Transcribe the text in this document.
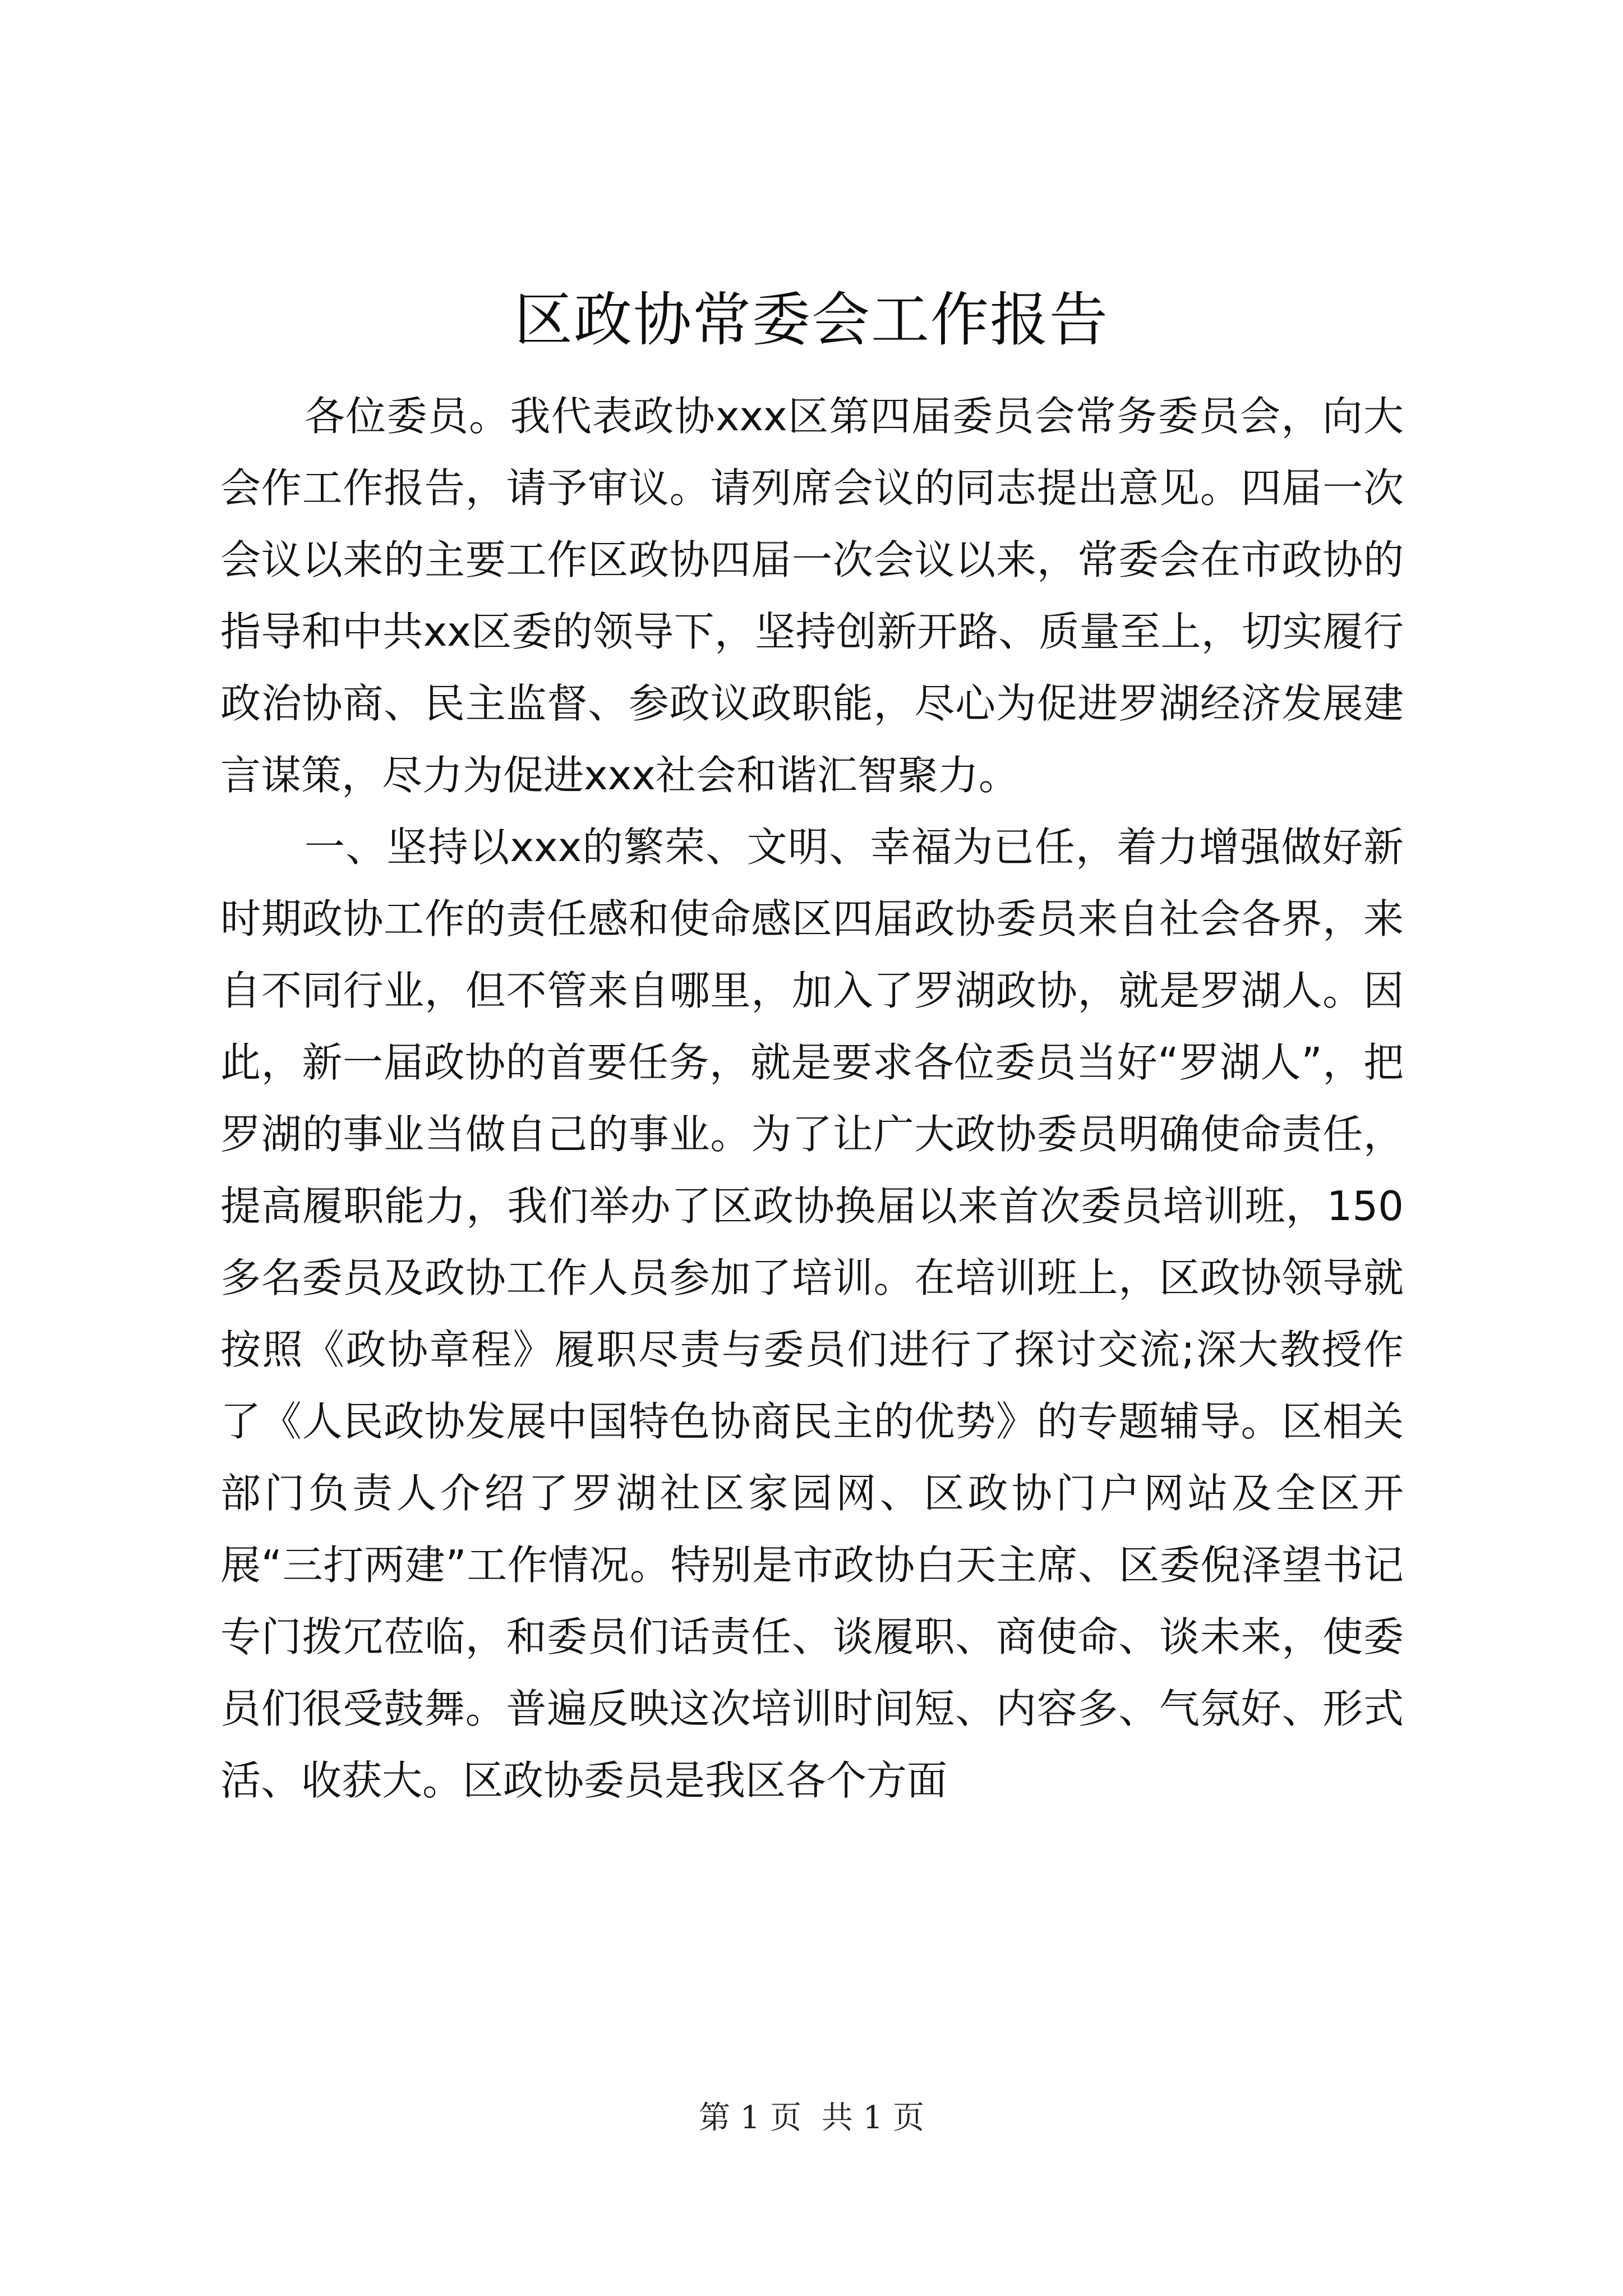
区政协常委会工作报告

各位委员。我代表政协xxx区第四届委员会常务委员会，向大会作工作报告，请予审议。请列席会议的同志提出意见。四届一次会议以来的主要工作区政协四届一次会议以来，常委会在市政协的指导和中共xx区委的领导下，坚持创新开路、质量至上，切实履行政治协商、民主监督、参政议政职能，尽心为促进罗湖经济发展建言谋策，尽力为促进xxx社会和谐汇智聚力。

一、坚持以xxx的繁荣、文明、幸福为已任，着力增强做好新时期政协工作的责任感和使命感区四届政协委员来自社会各界，来自不同行业，但不管来自哪里，加入了罗湖政协，就是罗湖人。因此，新一届政协的首要任务，就是要求各位委员当好“罗湖人”，把罗湖的事业当做自己的事业。为了让广大政协委员明确使命责任，提高履职能力，我们举办了区政协换届以来首次委员培训班，150多名委员及政协工作人员参加了培训。在培训班上，区政协领导就按照《政协章程》履职尽责与委员们进行了探讨交流;深大教授作了《人民政协发展中国特色协商民主的优势》的专题辅导。区相关部门负责人介绍了罗湖社区家园网、区政协门户网站及全区开展“三打两建”工作情况。特别是市政协白天主席、区委倪泽望书记专门拨冗莅临，和委员们话责任、谈履职、商使命、谈未来，使委员们很受鼓舞。普遍反映这次培训时间短、内容多、气氛好、形式活、收获大。区政协委员是我区各个方面

第 1 页  共 1 页
